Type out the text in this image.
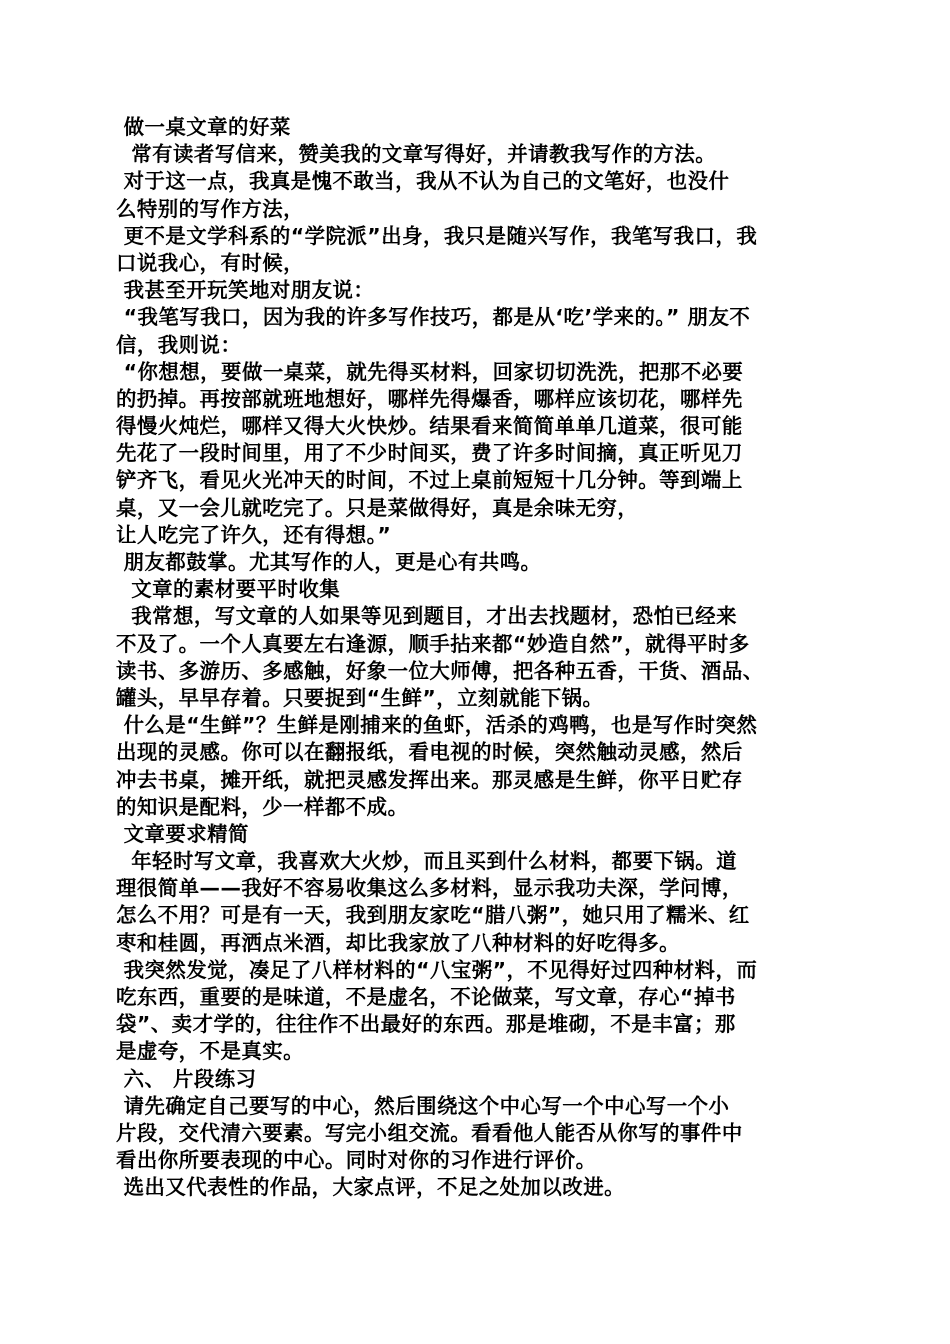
做一桌文章的好菜
常有读者写信来，赞美我的文章写得好，并请教我写作的方法。
对于这一点，我真是愧不敢当，我从不认为自己的文笔好，也没什
么特别的写作方法，
更不是文学科系的“学院派”出身，我只是随兴写作，我笔写我口，我
口说我心，有时候，
我甚至开玩笑地对朋友说：
“我笔写我口，因为我的许多写作技巧，都是从‘吃’学来的。” 朋友不
信，我则说：
“你想想，要做一桌菜，就先得买材料，回家切切洗洗，把那不必要
的扔掉。再按部就班地想好，哪样先得爆香，哪样应该切花，哪样先
得慢火炖烂，哪样又得大火快炒。结果看来简简单单几道菜，很可能
先花了一段时间里，用了不少时间买，费了许多时间摘，真正听见刀
铲齐飞，看见火光冲天的时间，不过上桌前短短十几分钟。等到端上
桌，又一会儿就吃完了。只是菜做得好，真是余味无穷，
让人吃完了许久，还有得想。”
朋友都鼓掌。尤其写作的人，更是心有共鸣。
文章的素材要平时收集
我常想，写文章的人如果等见到题目，才出去找题材，恐怕已经来
不及了。一个人真要左右逢源，顺手拈来都“妙造自然”，就得平时多
读书、多游历、多感触，好象一位大师傅，把各种五香，干货、酒品、
罐头，早早存着。只要捉到“生鲜”，立刻就能下锅。
什么是“生鲜”？生鲜是刚捕来的鱼虾，活杀的鸡鸭，也是写作时突然
出现的灵感。你可以在翻报纸，看电视的时候，突然触动灵感，然后
冲去书桌，摊开纸，就把灵感发挥出来。那灵感是生鲜，你平日贮存
的知识是配料，少一样都不成。
文章要求精简
年轻时写文章，我喜欢大火炒，而且买到什么材料，都要下锅。道
理很简单——我好不容易收集这么多材料，显示我功夫深，学问博，
怎么不用？可是有一天，我到朋友家吃“腊八粥”，她只用了糯米、红
枣和桂圆，再洒点米酒，却比我家放了八种材料的好吃得多。
我突然发觉，凑足了八样材料的“八宝粥”，不见得好过四种材料，而
吃东西，重要的是味道，不是虚名，不论做菜，写文章，存心“掉书
袋”、卖才学的，往往作不出最好的东西。那是堆砌，不是丰富；那
是虚夸，不是真实。
六、 片段练习
请先确定自己要写的中心，然后围绕这个中心写一个中心写一个小
片段，交代清六要素。写完小组交流。看看他人能否从你写的事件中
看出你所要表现的中心。同时对你的习作进行评价。
选出又代表性的作品，大家点评，不足之处加以改进。
